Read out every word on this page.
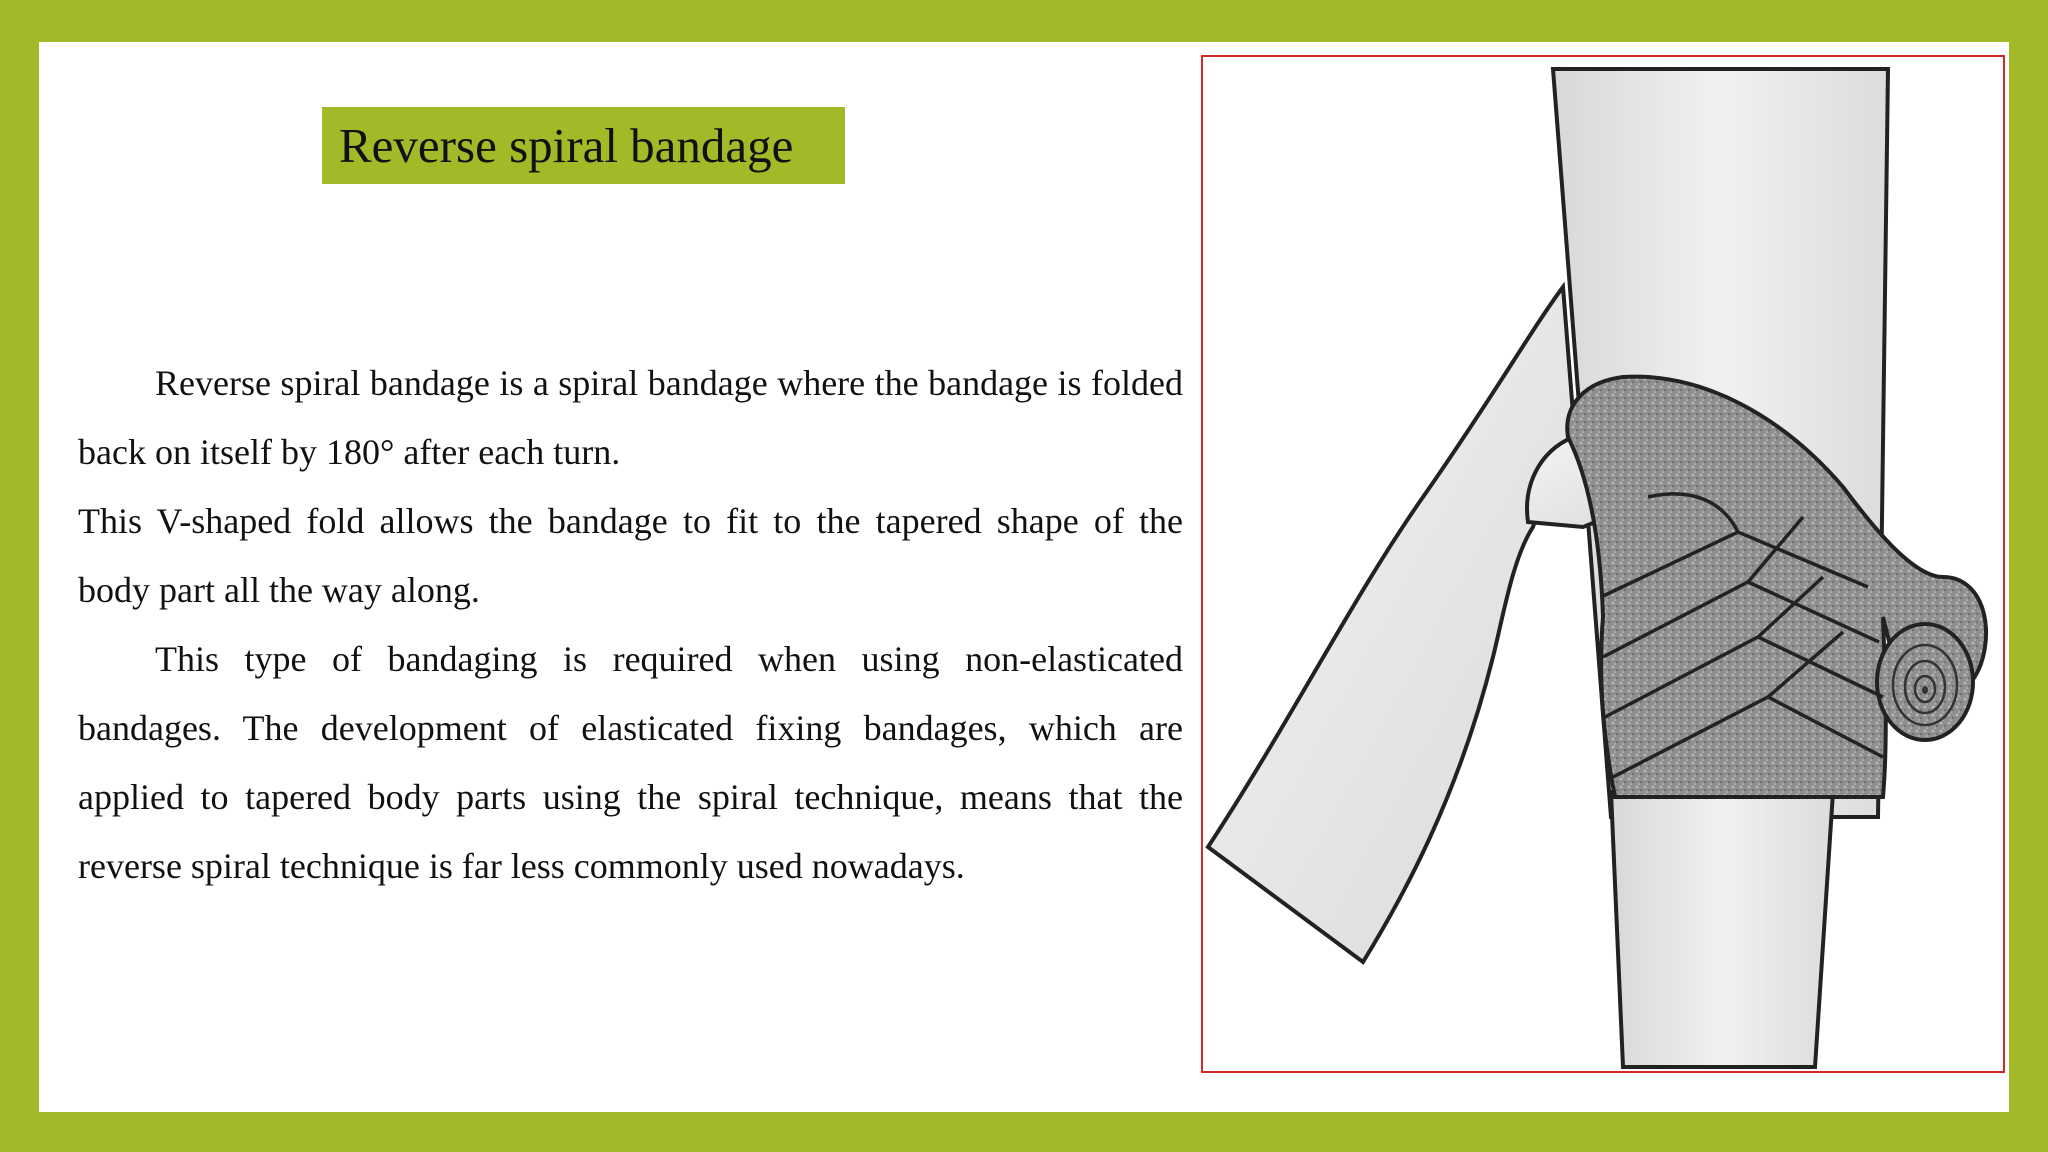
Reverse spiral bandage

Reverse spiral bandage is a spiral bandage where the bandage is folded back on itself by 180° after each turn.

This V-shaped fold allows the bandage to fit to the tapered shape of the body part all the way along.

This type of bandaging is required when using non-elasticated bandages. The development of elasticated fixing bandages, which are applied to tapered body parts using the spiral technique, means that the reverse spiral technique is far less commonly used nowadays.
